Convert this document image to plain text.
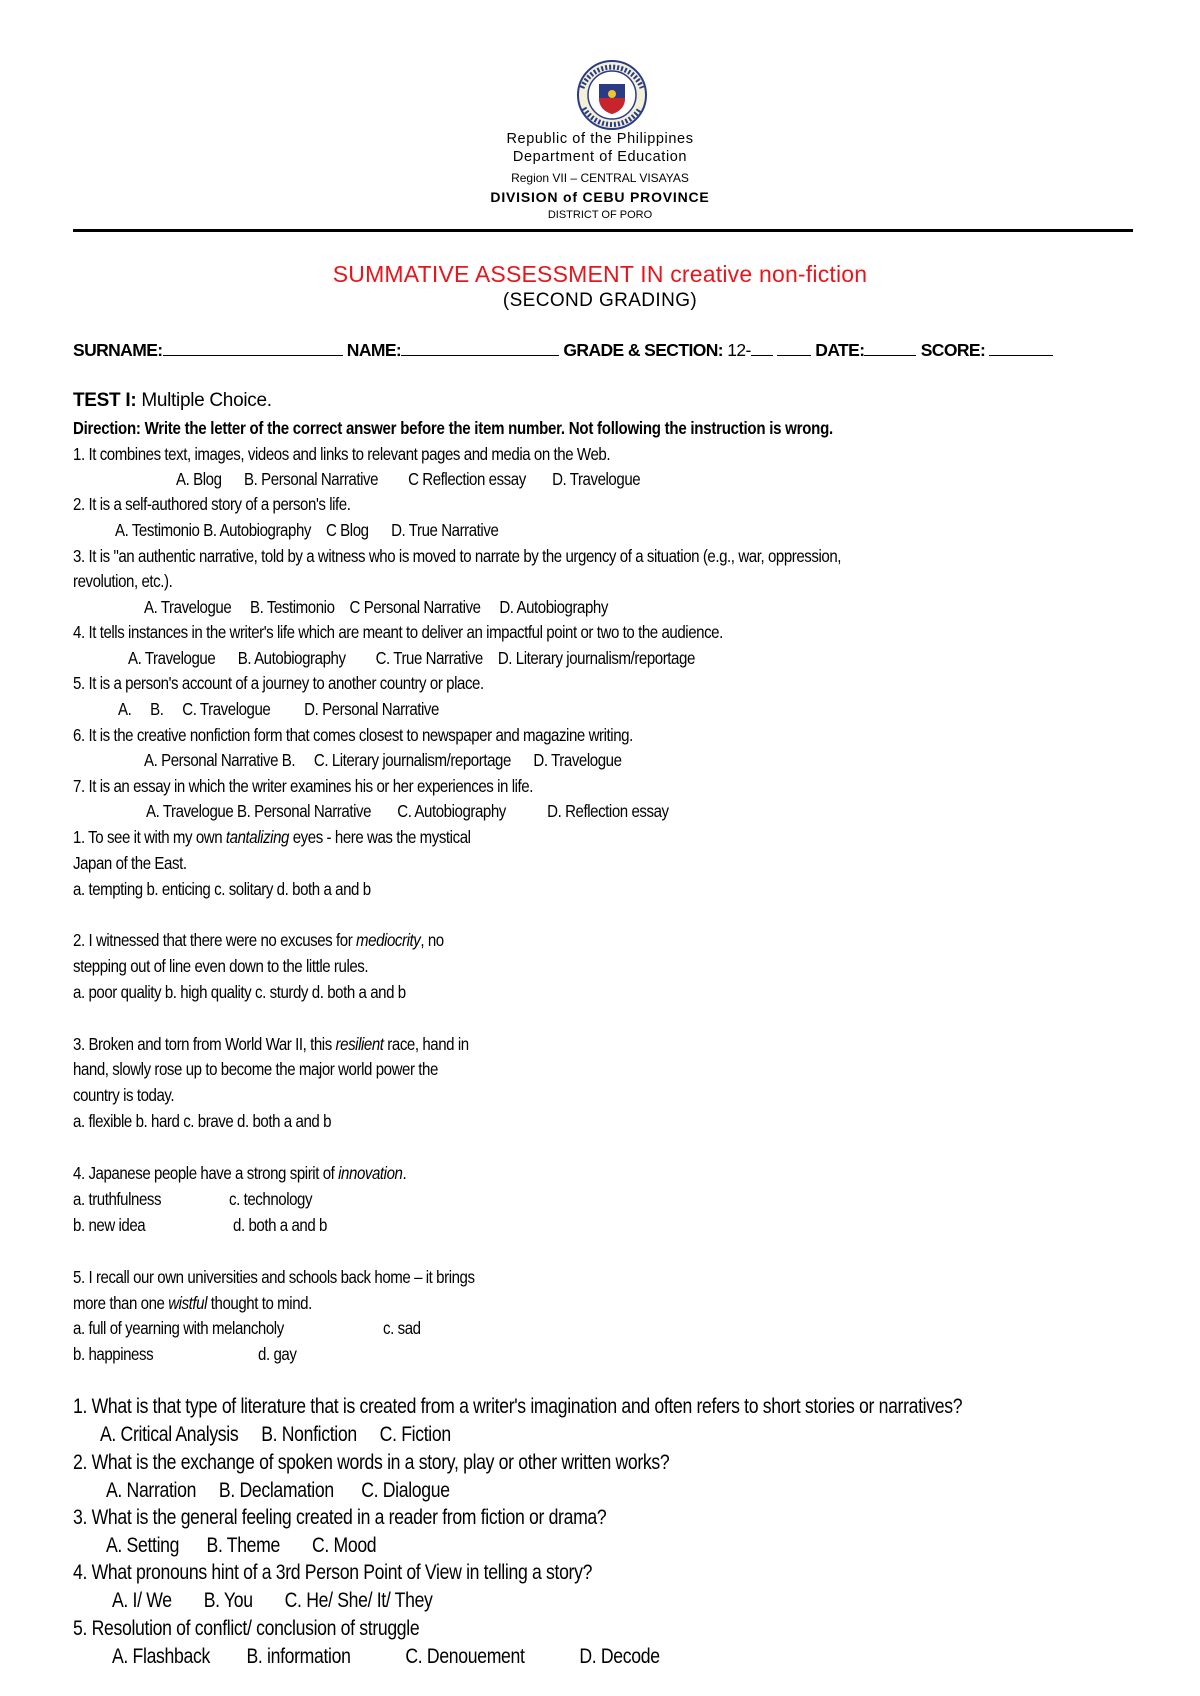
Republic of the Philippines
Department of Education
Region VII – CENTRAL VISAYAS
DIVISION of CEBU PROVINCE
DISTRICT OF PORO
SUMMATIVE ASSESSMENT IN creative non-fiction
(SECOND GRADING)
SURNAME:	NAME:	GRADE & SECTION: 12-	DATE:	SCORE:
TEST I: Multiple Choice.
Direction: Write the letter of the correct answer before the item number. Not following the instruction is wrong.
1. It combines text, images, videos and links to relevant pages and media on the Web.
A. Blog B. Personal Narrative C Reflection essay D. Travelogue
2. It is a self-authored story of a person's life.
A. Testimonio B. Autobiography C Blog D. True Narrative
3. It is "an authentic narrative, told by a witness who is moved to narrate by the urgency of a situation (e.g., war, oppression,
revolution, etc.).
A. Travelogue B. Testimonio C Personal Narrative D. Autobiography
4. It tells instances in the writer's life which are meant to deliver an impactful point or two to the audience.
A. Travelogue B. Autobiography C. True Narrative D. Literary journalism/reportage
5. It is a person's account of a journey to another country or place.
A. B. C. Travelogue D. Personal Narrative
6. It is the creative nonfiction form that comes closest to newspaper and magazine writing.
A. Personal Narrative B. C. Literary journalism/reportage D. Travelogue
7. It is an essay in which the writer examines his or her experiences in life.
A. Travelogue B. Personal Narrative C. Autobiography D. Reflection essay
1. To see it with my own tantalizing eyes - here was the mystical
Japan of the East.
a. tempting b. enticing c. solitary d. both a and b
2. I witnessed that there were no excuses for mediocrity, no
stepping out of line even down to the little rules.
a. poor quality b. high quality c. sturdy d. both a and b
3. Broken and torn from World War II, this resilient race, hand in
hand, slowly rose up to become the major world power the
country is today.
a. flexible b. hard c. brave d. both a and b
4. Japanese people have a strong spirit of innovation.
a. truthfulness	c. technology
b. new idea	d. both a and b
5. I recall our own universities and schools back home – it brings
more than one wistful thought to mind.
a. full of yearning with melancholy	c. sad
b. happiness	d. gay
1. What is that type of literature that is created from a writer's imagination and often refers to short stories or narratives?
A. Critical Analysis B. Nonfiction C. Fiction
2. What is the exchange of spoken words in a story, play or other written works?
A. Narration B. Declamation C. Dialogue
3. What is the general feeling created in a reader from fiction or drama?
A. Setting B. Theme C. Mood
4. What pronouns hint of a 3rd Person Point of View in telling a story?
A. I/ We B. You C. He/ She/ It/ They
5. Resolution of conflict/ conclusion of struggle
A. Flashback B. information	C. Denouement	D. Decode
